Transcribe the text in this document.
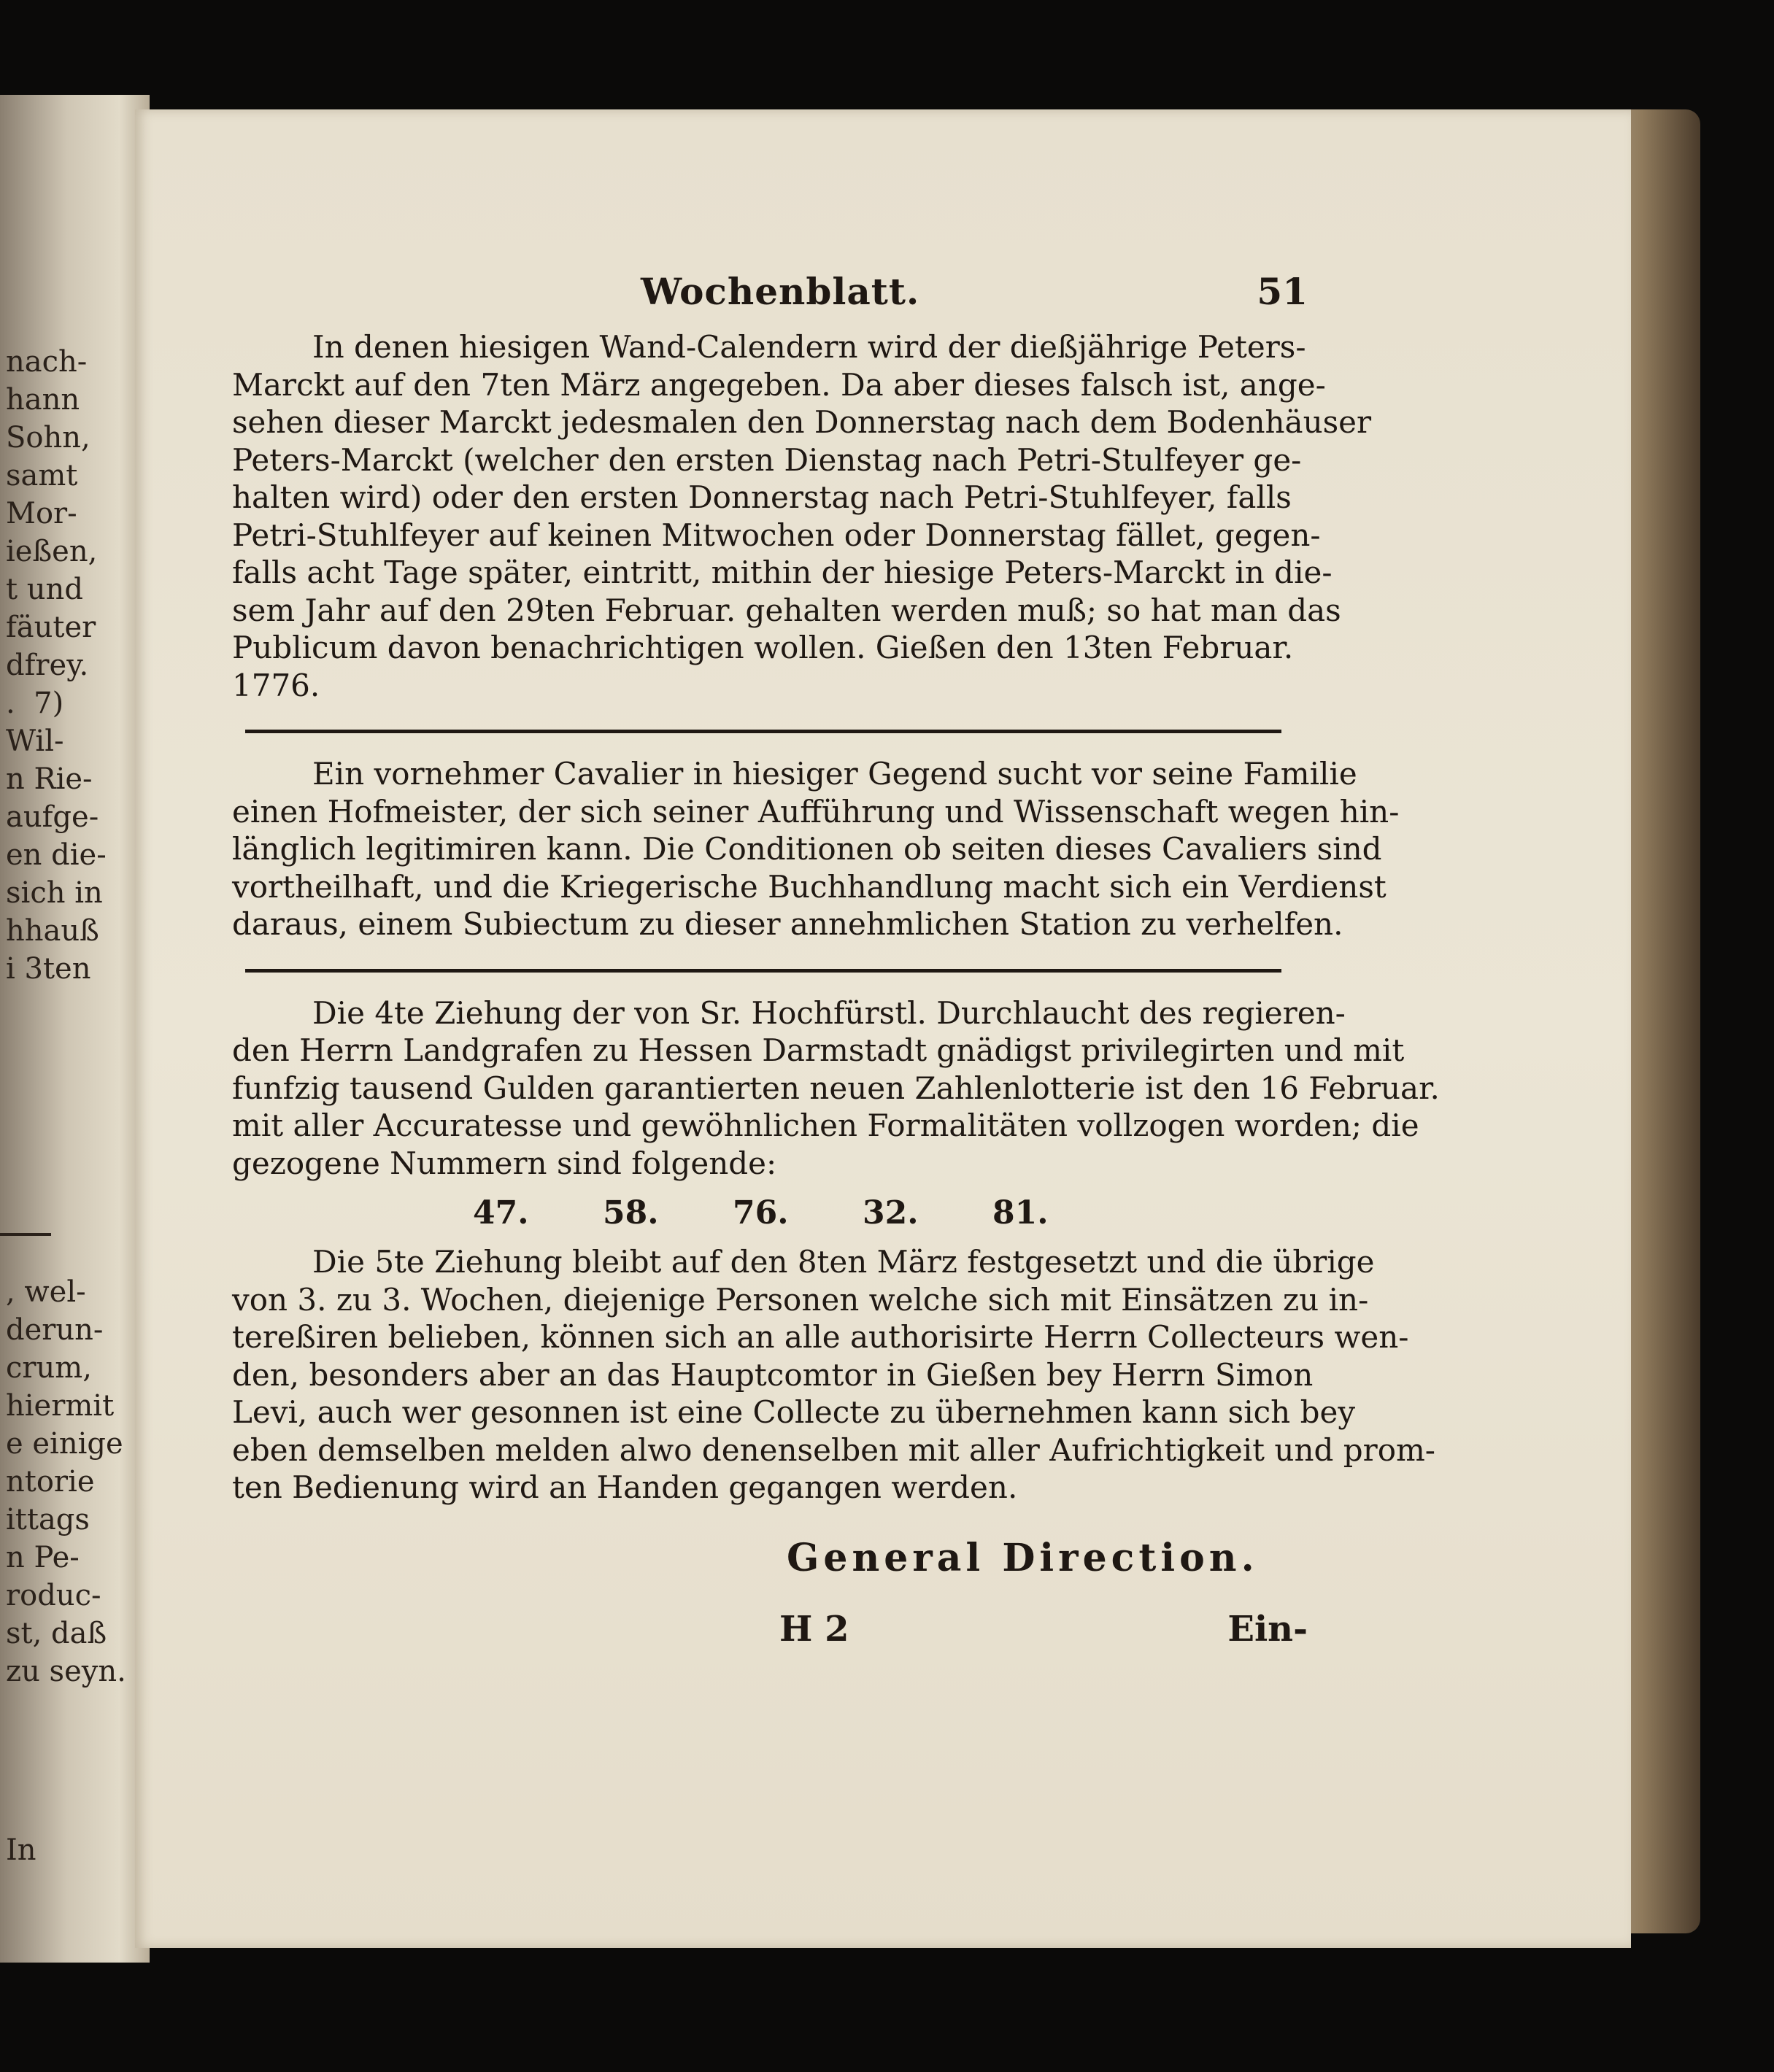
nach-
hann
Sohn,
samt
Mor-
ießen,
t und
fäuter
dfrey.
.  7)
Wil-
n Rie-
aufge-
en die-
sich in
hhauß
i 3ten
, wel-
derun-
crum,
hiermit
e einige
ntorie
ittags
n Pe-
roduc-
st, daß
zu seyn.
In
Wochenblatt.	51
In denen hiesigen Wand-Calendern wird der dießjährige Peters-
Marckt auf den 7ten März angegeben. Da aber dieses falsch ist, ange-
sehen dieser Marckt jedesmalen den Donnerstag nach dem Bodenhäuser
Peters-Marckt (welcher den ersten Dienstag nach Petri-Stulfeyer ge-
halten wird) oder den ersten Donnerstag nach Petri-Stuhlfeyer, falls
Petri-Stuhlfeyer auf keinen Mitwochen oder Donnerstag fället, gegen-
falls acht Tage später, eintritt, mithin der hiesige Peters-Marckt in die-
sem Jahr auf den 29ten Februar. gehalten werden muß; so hat man das
Publicum davon benachrichtigen wollen. Gießen den 13ten Februar.
1776.
Ein vornehmer Cavalier in hiesiger Gegend sucht vor seine Familie
einen Hofmeister, der sich seiner Aufführung und Wissenschaft wegen hin-
länglich legitimiren kann. Die Conditionen ob seiten dieses Cavaliers sind
vortheilhaft, und die Kriegerische Buchhandlung macht sich ein Verdienst
daraus, einem Subiectum zu dieser annehmlichen Station zu verhelfen.
Die 4te Ziehung der von Sr. Hochfürstl. Durchlaucht des regieren-
den Herrn Landgrafen zu Hessen Darmstadt gnädigst privilegirten und mit
funfzig tausend Gulden garantierten neuen Zahlenlotterie ist den 16 Februar.
mit aller Accuratesse und gewöhnlichen Formalitäten vollzogen worden; die
gezogene Nummern sind folgende:
47.	58.	76.	32.	81.
Die 5te Ziehung bleibt auf den 8ten März festgesetzt und die übrige
von 3. zu 3. Wochen, diejenige Personen welche sich mit Einsätzen zu in-
tereßiren belieben, können sich an alle authorisirte Herrn Collecteurs wen-
den, besonders aber an das Hauptcomtor in Gießen bey Herrn Simon
Levi, auch wer gesonnen ist eine Collecte zu übernehmen kann sich bey
eben demselben melden alwo denenselben mit aller Aufrichtigkeit und prom-
ten Bedienung wird an Handen gegangen werden.
General Direction.
H 2	Ein-
